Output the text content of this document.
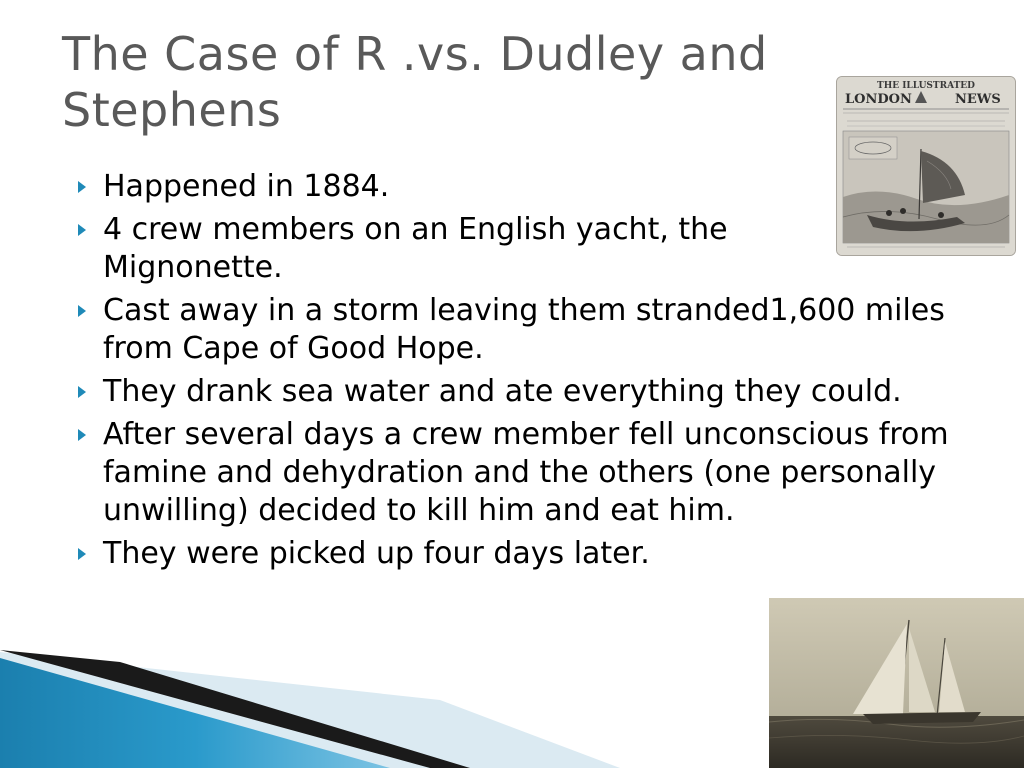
The Case of R .vs. Dudley and Stephens
Happened in 1884.
4 crew members on an English yacht, the Mignonette.
Cast away in a storm leaving them stranded1,600 miles from Cape of Good Hope.
They drank sea water and ate everything they could.
After several days a crew member fell unconscious from famine and dehydration and the others (one personally unwilling) decided to kill him and eat him.
They were picked up four days later.
THE ILLUSTRATED
LONDON	NEWS
